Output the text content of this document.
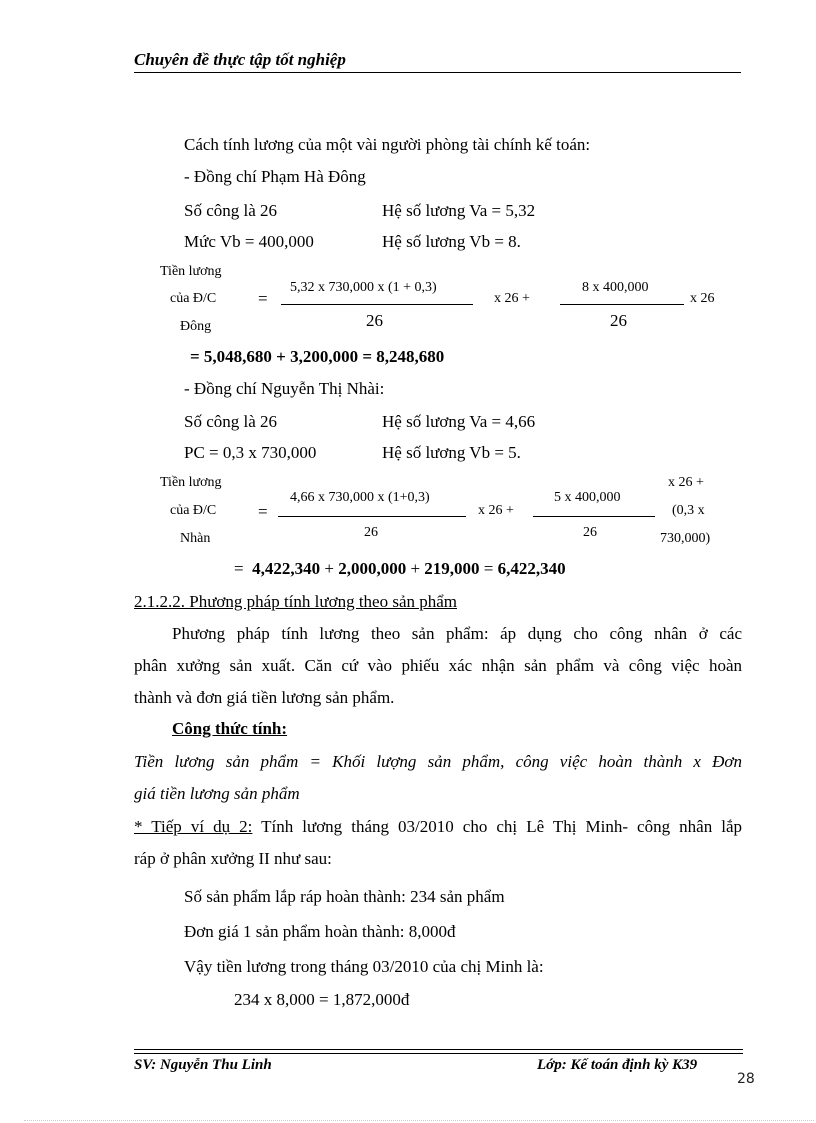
Chuyên đề thực tập tốt nghiệp
Cách tính lương của một vài người phòng tài chính kế toán:
- Đồng chí Phạm Hà Đông
Số công là 26	Hệ số lương Va = 5,32
Mức Vb = 400,000	Hệ số lương Vb = 8.
Tiền lương
của Đ/C
Đông
=
5,32 x 730,000 x (1 + 0,3)
26
x 26 +
8 x 400,000
26
x 26
= 5,048,680 + 3,200,000 = 8,248,680
- Đồng chí Nguyễn Thị Nhài:
Số công là 26	Hệ số lương Va = 4,66
PC = 0,3 x 730,000	Hệ số lương Vb = 5.
Tiền lương
của Đ/C
Nhàn
=
4,66 x 730,000 x (1+0,3)
26
x 26 +
5 x 400,000
26
x 26 +
(0,3 x
730,000)
= 4,422,340 + 2,000,000 + 219,000 = 6,422,340
2.1.2.2. Phương pháp tính lương theo sản phẩm
Phương pháp tính lương theo sản phẩm: áp dụng cho công nhân ở các
phân xưởng sản xuất. Căn cứ vào phiếu xác nhận sản phẩm và công việc hoàn
thành và đơn giá tiền lương sản phẩm.
Công thức tính:
Tiền lương sản phẩm = Khối lượng sản phẩm, công việc hoàn thành x Đơn
giá tiền lương sản phẩm
* Tiếp ví dụ 2: Tính lương tháng 03/2010 cho chị Lê Thị Minh- công nhân lắp
ráp ở phân xưởng II như sau:
Số sản phẩm lắp ráp hoàn thành: 234 sản phẩm
Đơn giá 1 sản phẩm hoàn thành: 8,000đ
Vậy tiền lương trong tháng 03/2010 của chị Minh là:
234 x 8,000 = 1,872,000đ
SV: Nguyễn Thu Linh	Lớp: Kế toán định kỳ K39
28
